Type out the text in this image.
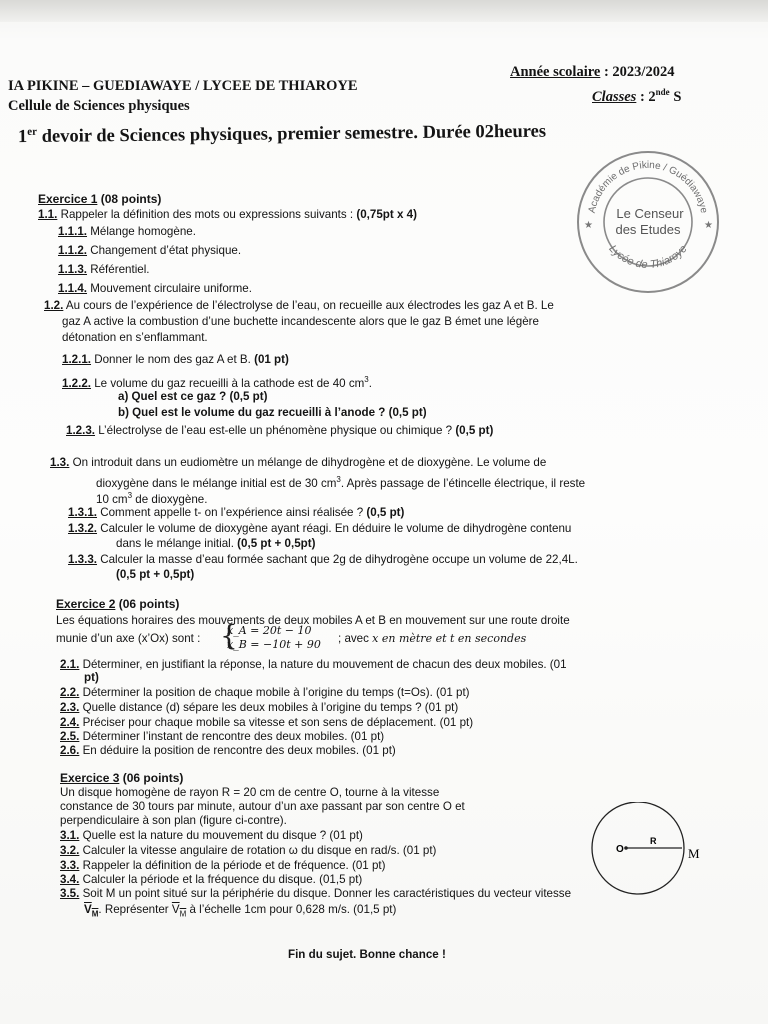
IA PIKINE – GUEDIAWAYE / LYCEE DE THIAROYE
Cellule de Sciences physiques
Année scolaire : 2023/2024
Classes : 2nde S
1er devoir de Sciences physiques, premier semestre. Durée 02heures
Académie de Pikine / Guédiawaye
Lycée de Thiaroye
★	★
Le Censeur
des Etudes
Exercice 1 (08 points)
1.1. Rappeler la définition des mots ou expressions suivants : (0,75pt x 4)
1.1.1. Mélange homogène.
1.1.2. Changement d’état physique.
1.1.3. Référentiel.
1.1.4. Mouvement circulaire uniforme.
1.2. Au cours de l’expérience de l’électrolyse de l’eau, on recueille aux électrodes les gaz A et B. Le
gaz A active la combustion d’une buchette incandescente alors que le gaz B émet une légère
détonation en s’enflammant.
1.2.1. Donner le nom des gaz A et B. (01 pt)
1.2.2. Le volume du gaz recueilli à la cathode est de 40 $cm^3$.
a) Quel est ce gaz ? (0,5 pt)
b) Quel est le volume du gaz recueilli à l’anode ? (0,5 pt)
1.2.3. L’électrolyse de l’eau est-elle un phénomène physique ou chimique ? (0,5 pt)
1.3. On introduit dans un eudiomètre un mélange de dihydrogène et de dioxygène. Le volume de
dioxygène dans le mélange initial est de 30 $cm^3$. Après passage de l’étincelle électrique, il reste
10 $cm^3$ de dioxygène.
1.3.1. Comment appelle t- on l’expérience ainsi réalisée ? (0,5 pt)
1.3.2. Calculer le volume de dioxygène ayant réagi. En déduire le volume de dihydrogène contenu
dans le mélange initial. (0,5 pt + 0,5pt)
1.3.3. Calculer la masse d’eau formée sachant que 2g de dihydrogène occupe un volume de 22,4L.
(0,5 pt + 0,5pt)
Exercice 2 (06 points)
Les équations horaires des mouvements de deux mobiles A et B en mouvement sur une route droite
munie d’un axe (x’Ox) sont : {
x_A = 20t − 10
x_B = −10t + 90 ; avec x en mètre et t en secondes
2.1. Déterminer, en justifiant la réponse, la nature du mouvement de chacun des deux mobiles. (01
pt)
2.2. Déterminer la position de chaque mobile à l’origine du temps (t=Os). (01 pt)
2.3. Quelle distance (d) sépare les deux mobiles à l’origine du temps ? (01 pt)
2.4. Préciser pour chaque mobile sa vitesse et son sens de déplacement. (01 pt)
2.5. Déterminer l’instant de rencontre des deux mobiles. (01 pt)
2.6. En déduire la position de rencontre des deux mobiles. (01 pt)
Exercice 3 (06 points)
Un disque homogène de rayon R = 20 cm de centre O, tourne à la vitesse
constance de 30 tours par minute, autour d’un axe passant par son centre O et
perpendiculaire à son plan (figure ci-contre).
3.1. Quelle est la nature du mouvement du disque ? (01 pt)
3.2. Calculer la vitesse angulaire de rotation ω du disque en rad/s. (01 pt)
3.3. Rappeler la définition de la période et de fréquence. (01 pt)
3.4. Calculer la période et la fréquence du disque. (01,5 pt)
3.5. Soit M un point situé sur la périphérie du disque. Donner les caractéristiques du vecteur vitesse
$V_M$. Représenter $V_M$ à l’échelle 1cm pour 0,628 m/s. (01,5 pt)
O
R
M
Fin du sujet. Bonne chance !
